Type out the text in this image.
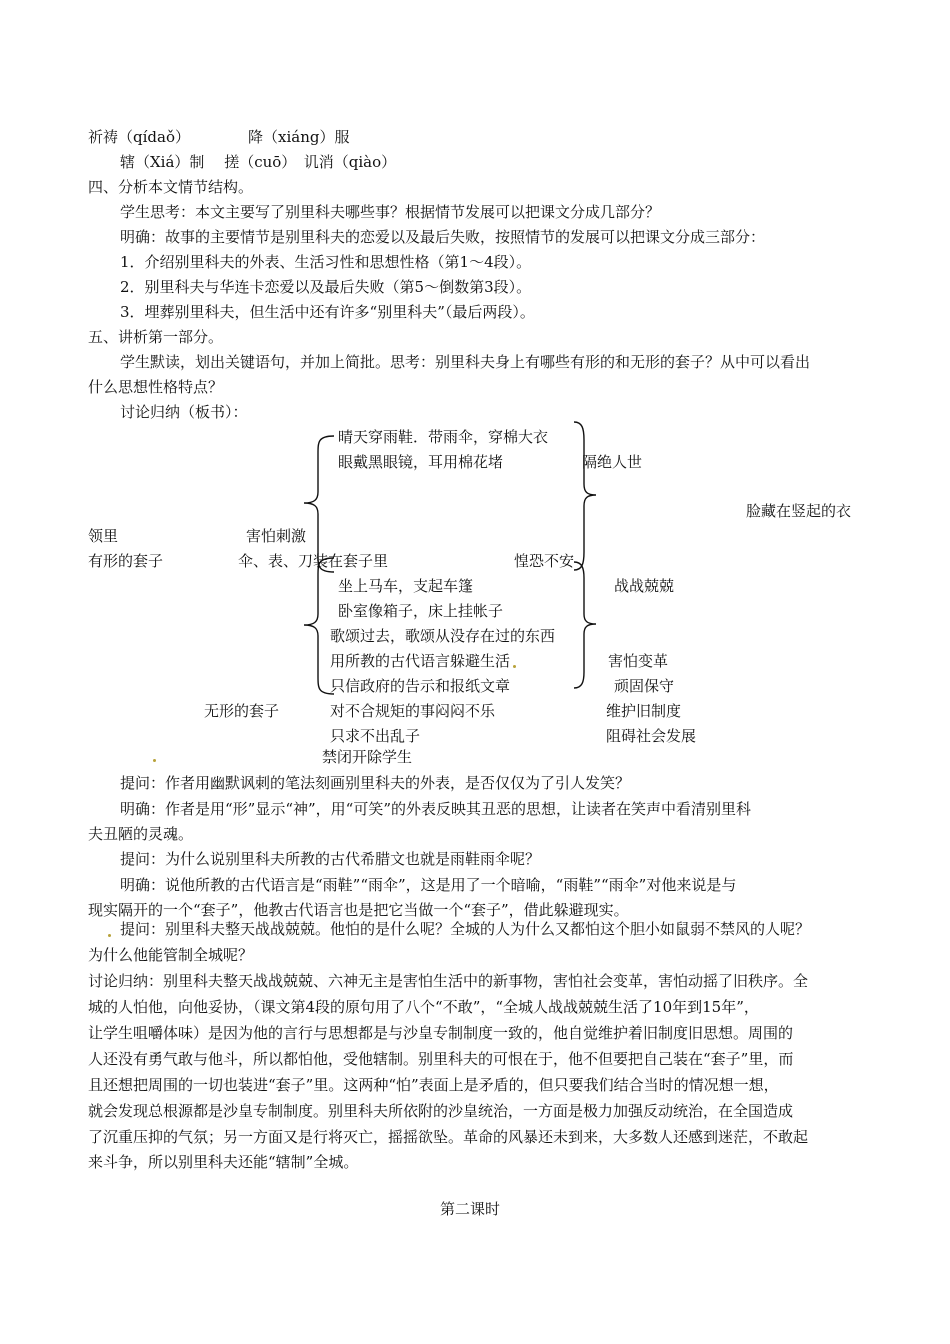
祈祷（qídaǒ）	降（xiáng）服
辖（Xiá）制　 搓（cuō）　讥消（qiào）
四、分析本文情节结构。
学生思考：本文主要写了别里科夫哪些事？根据情节发展可以把课文分成几部分？
明确：故事的主要情节是别里科夫的恋爱以及最后失败，按照情节的发展可以把课文分成三部分：
1．介绍别里科夫的外表、生活习性和思想性格（第1～4段）。
2．别里科夫与华连卡恋爱以及最后失败（第5～倒数第3段）。
3．埋葬别里科夫，但生活中还有许多“别里科夫”（最后两段）。
五、讲析第一部分。
学生默读，划出关键语句，并加上简批。思考：别里科夫身上有哪些有形的和无形的套子？从中可以看出
什么思想性格特点？
讨论归纳（板书）：
晴天穿雨鞋．带雨伞，穿棉大衣
眼戴黑眼镜，耳用棉花堵	隔绝人世
脸藏在竖起的衣
领里	害怕刺激
有形的套子	伞、表、刀装在套子里	惶恐不安
坐上马车，支起车篷	战战兢兢
卧室像箱子，床上挂帐子
歌颂过去，歌颂从没存在过的东西
用所教的古代语言躲避生活	害怕变革
只信政府的告示和报纸文章	顽固保守
无形的套子	对不合规矩的事闷闷不乐	维护旧制度
只求不出乱子	阻碍社会发展
禁闭开除学生
提问：作者用幽默讽刺的笔法刻画别里科夫的外表，是否仅仅为了引人发笑？
明确：作者是用“形”显示“神”，用“可笑”的外表反映其丑恶的思想，让读者在笑声中看清别里科
夫丑陋的灵魂。
提问：为什么说别里科夫所教的古代希腊文也就是雨鞋雨伞呢？
明确：说他所教的古代语言是“雨鞋”“雨伞”，这是用了一个暗喻，“雨鞋”“雨伞”对他来说是与
现实隔开的一个“套子”，他教古代语言也是把它当做一个“套子”，借此躲避现实。
提问：别里科夫整天战战兢兢。他怕的是什么呢？全城的人为什么又都怕这个胆小如鼠弱不禁风的人呢？
为什么他能管制全城呢？
讨论归纳：别里科夫整天战战兢兢、六神无主是害怕生活中的新事物，害怕社会变革，害怕动摇了旧秩序。全
城的人怕他，向他妥协，（课文第4段的原句用了八个“不敢”，“全城人战战兢兢生活了10年到15年”，
让学生咀嚼体味）是因为他的言行与思想都是与沙皇专制制度一致的，他自觉维护着旧制度旧思想。周围的
人还没有勇气敢与他斗，所以都怕他，受他辖制。别里科夫的可恨在于，他不但要把自己装在“套子”里，而
且还想把周围的一切也装进“套子”里。这两种“怕”表面上是矛盾的，但只要我们结合当时的情况想一想，
就会发现总根源都是沙皇专制制度。别里科夫所依附的沙皇统治，一方面是极力加强反动统治，在全国造成
了沉重压抑的气氛；另一方面又是行将灭亡，摇摇欲坠。革命的风暴还未到来，大多数人还感到迷茫，不敢起
来斗争，所以别里科夫还能“辖制”全城。
第二课时
